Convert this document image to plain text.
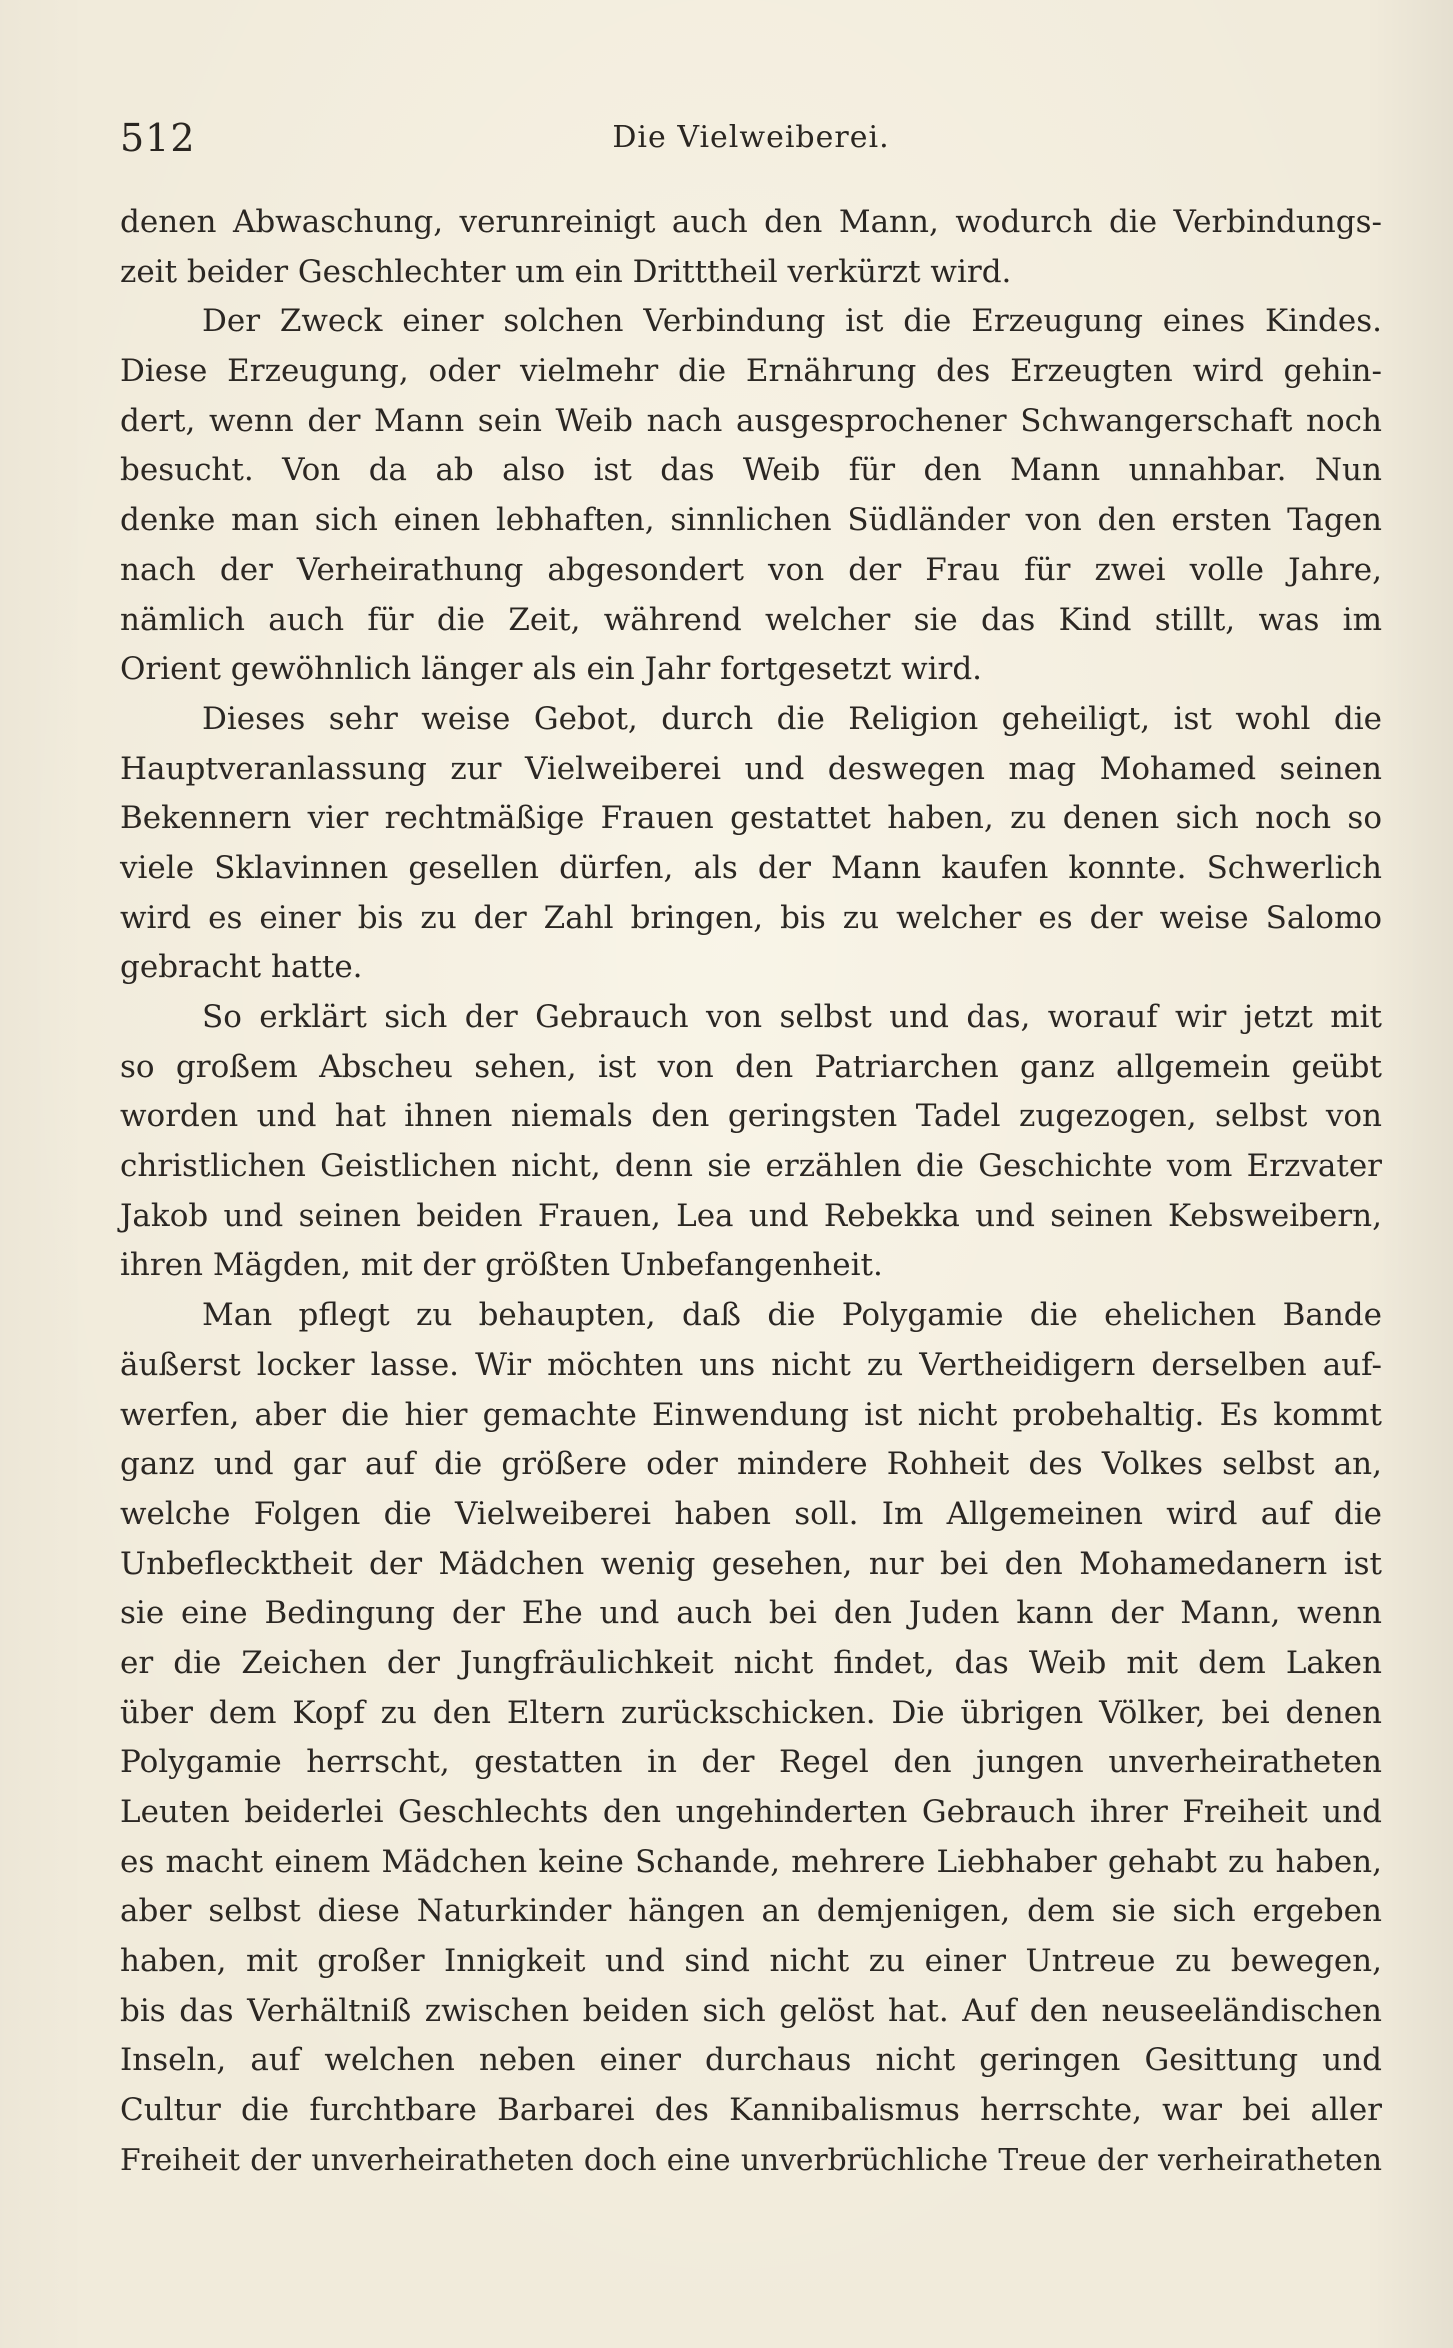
512	Die Vielweiberei.
denen Abwaschung, verunreinigt auch den Mann, wodurch die Verbindungs-
zeit beider Geschlechter um ein Dritttheil verkürzt wird.
Der Zweck einer solchen Verbindung ist die Erzeugung eines Kindes.
Diese Erzeugung, oder vielmehr die Ernährung des Erzeugten wird gehin-
dert, wenn der Mann sein Weib nach ausgesprochener Schwangerschaft noch
besucht. Von da ab also ist das Weib für den Mann unnahbar. Nun
denke man sich einen lebhaften, sinnlichen Südländer von den ersten Tagen
nach der Verheirathung abgesondert von der Frau für zwei volle Jahre,
nämlich auch für die Zeit, während welcher sie das Kind stillt, was im
Orient gewöhnlich länger als ein Jahr fortgesetzt wird.
Dieses sehr weise Gebot, durch die Religion geheiligt, ist wohl die
Hauptveranlassung zur Vielweiberei und deswegen mag Mohamed seinen
Bekennern vier rechtmäßige Frauen gestattet haben, zu denen sich noch so
viele Sklavinnen gesellen dürfen, als der Mann kaufen konnte. Schwerlich
wird es einer bis zu der Zahl bringen, bis zu welcher es der weise Salomo
gebracht hatte.
So erklärt sich der Gebrauch von selbst und das, worauf wir jetzt mit
so großem Abscheu sehen, ist von den Patriarchen ganz allgemein geübt
worden und hat ihnen niemals den geringsten Tadel zugezogen, selbst von
christlichen Geistlichen nicht, denn sie erzählen die Geschichte vom Erzvater
Jakob und seinen beiden Frauen, Lea und Rebekka und seinen Kebsweibern,
ihren Mägden, mit der größten Unbefangenheit.
Man pflegt zu behaupten, daß die Polygamie die ehelichen Bande
äußerst locker lasse. Wir möchten uns nicht zu Vertheidigern derselben auf-
werfen, aber die hier gemachte Einwendung ist nicht probehaltig. Es kommt
ganz und gar auf die größere oder mindere Rohheit des Volkes selbst an,
welche Folgen die Vielweiberei haben soll. Im Allgemeinen wird auf die
Unbeflecktheit der Mädchen wenig gesehen, nur bei den Mohamedanern ist
sie eine Bedingung der Ehe und auch bei den Juden kann der Mann, wenn
er die Zeichen der Jungfräulichkeit nicht findet, das Weib mit dem Laken
über dem Kopf zu den Eltern zurückschicken. Die übrigen Völker, bei denen
Polygamie herrscht, gestatten in der Regel den jungen unverheiratheten
Leuten beiderlei Geschlechts den ungehinderten Gebrauch ihrer Freiheit und
es macht einem Mädchen keine Schande, mehrere Liebhaber gehabt zu haben,
aber selbst diese Naturkinder hängen an demjenigen, dem sie sich ergeben
haben, mit großer Innigkeit und sind nicht zu einer Untreue zu bewegen,
bis das Verhältniß zwischen beiden sich gelöst hat. Auf den neuseeländischen
Inseln, auf welchen neben einer durchaus nicht geringen Gesittung und
Cultur die furchtbare Barbarei des Kannibalismus herrschte, war bei aller
Freiheit der unverheiratheten doch eine unverbrüchliche Treue der verheiratheten
